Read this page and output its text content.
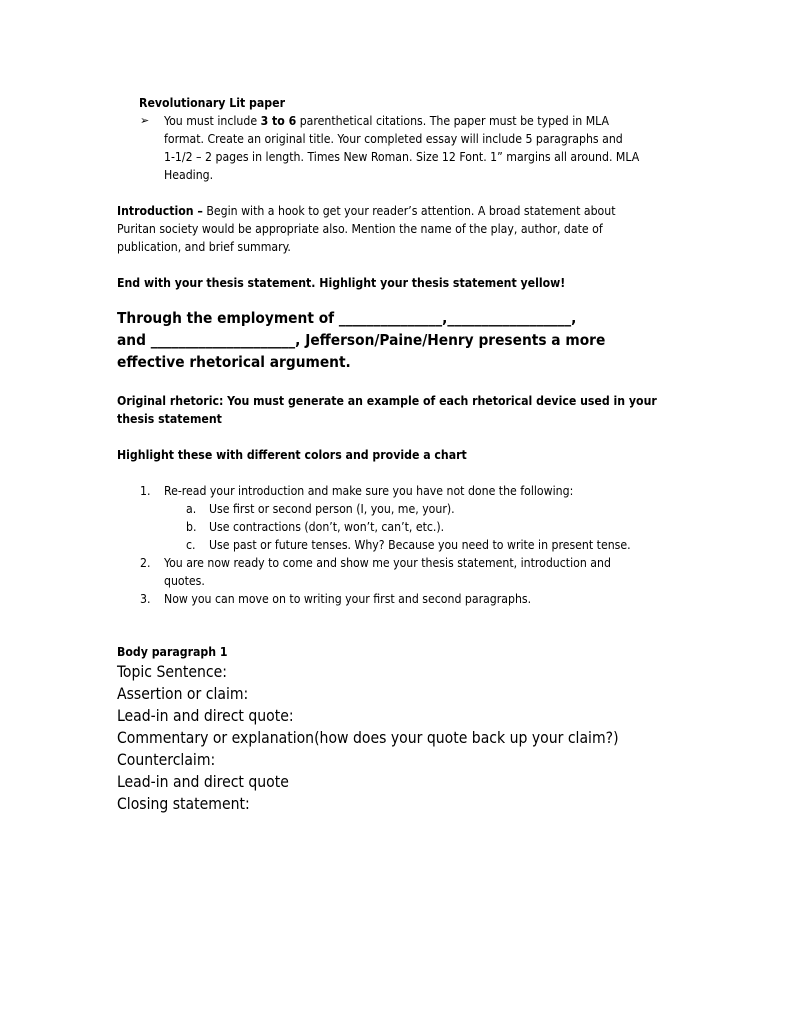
Revolutionary Lit paper
➢ You must include 3 to 6 parenthetical citations. The paper must be typed in MLA
format. Create an original title. Your completed essay will include 5 paragraphs and
1-1/2 – 2 pages in length. Times New Roman. Size 12 Font. 1” margins all around. MLA
Heading.
Introduction – Begin with a hook to get your reader’s attention. A broad statement about
Puritan society would be appropriate also. Mention the name of the play, author, date of
publication, and brief summary.
End with your thesis statement. Highlight your thesis statement yellow!
Through the employment of _______________,__________________,
and _____________________, Jefferson/Paine/Henry presents a more
effective rhetorical argument.
Original rhetoric: You must generate an example of each rhetorical device used in your
thesis statement
Highlight these with different colors and provide a chart
1. Re-read your introduction and make sure you have not done the following:
a. Use first or second person (I, you, me, your).
b. Use contractions (don’t, won’t, can’t, etc.).
c. Use past or future tenses. Why? Because you need to write in present tense.
2. You are now ready to come and show me your thesis statement, introduction and
quotes.
3. Now you can move on to writing your first and second paragraphs.
Body paragraph 1
Topic Sentence:
Assertion or claim:
Lead-in and direct quote:
Commentary or explanation(how does your quote back up your claim?)
Counterclaim:
Lead-in and direct quote
Closing statement:
